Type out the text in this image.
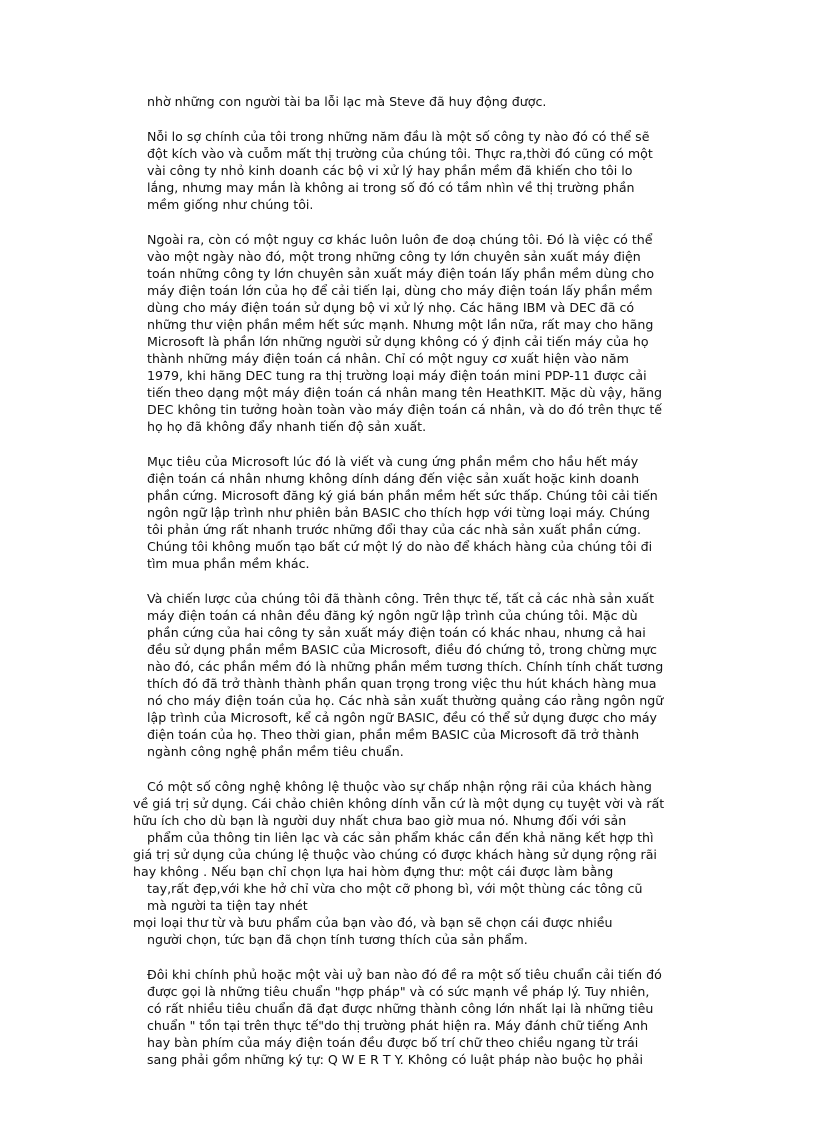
nhờ những con người tài ba lỗi lạc mà Steve đã huy động được.
Nỗi lo sợ chính của tôi trong những năm đầu là một số công ty nào đó có thể sẽ
đột kích vào và cuỗm mất thị trường của chúng tôi. Thực ra,thời đó cũng có một
vài công ty nhỏ kinh doanh các bộ vi xử lý hay phần mềm đã khiến cho tôi lo
lắng, nhưng may mắn là không ai trong số đó có tầm nhìn về thị trường phần
mềm giống như chúng tôi.
Ngoài ra, còn có một nguy cơ khác luôn luôn đe doạ chúng tôi. Đó là việc có thể
vào một ngày nào đó, một trong những công ty lớn chuyên sản xuất máy điện
toán những công ty lớn chuyên sản xuất máy điện toán lấy phần mềm dùng cho
máy điện toán lớn của họ để cải tiến lại, dùng cho máy điện toán lấy phần mềm
dùng cho máy điện toán sử dụng bộ vi xử lý nhọ. Các hãng IBM và DEC đã có
những thư viện phần mềm hết sức mạnh. Nhưng một lần nữa, rất may cho hãng
Microsoft là phần lớn những người sử dụng không có ý định cải tiến máy của họ
thành những máy điện toán cá nhân. Chỉ có một nguy cơ xuất hiện vào năm
1979, khi hãng DEC tung ra thị trường loại máy điện toán mini PDP-11 được cải
tiến theo dạng một máy điện toán cá nhân mang tên HeathKIT. Mặc dù vậy, hãng
DEC không tin tưởng hoàn toàn vào máy điện toán cá nhân, và do đó trên thực tế
họ họ đã không đẩy nhanh tiến độ sản xuất.
Mục tiêu của Microsoft lúc đó là viết và cung ứng phần mềm cho hầu hết máy
điện toán cá nhân nhưng không dính dáng đến việc sản xuất hoặc kinh doanh
phần cứng. Microsoft đăng ký giá bán phần mềm hết sức thấp. Chúng tôi cải tiến
ngôn ngữ lập trình như phiên bản BASIC cho thích hợp với từng loại máy. Chúng
tôi phản ứng rất nhanh trước những đổi thay của các nhà sản xuất phần cứng.
Chúng tôi không muốn tạo bất cứ một lý do nào để khách hàng của chúng tôi đi
tìm mua phần mềm khác.
Và chiến lược của chúng tôi đã thành công. Trên thực tế, tất cả các nhà sản xuất
máy điện toán cá nhân đều đăng ký ngôn ngữ lập trình của chúng tôi. Mặc dù
phần cứng của hai công ty sản xuất máy điện toán có khác nhau, nhưng cả hai
đều sử dụng phần mềm BASIC của Microsoft, điều đó chứng tỏ, trong chừng mực
nào đó, các phần mềm đó là những phần mềm tương thích. Chính tính chất tương
thích đó đã trở thành thành phần quan trọng trong việc thu hút khách hàng mua
nó cho máy điện toán của họ. Các nhà sản xuất thường quảng cáo rằng ngôn ngữ
lập trình của Microsoft, kể cả ngôn ngữ BASIC, đều có thể sử dụng được cho máy
điện toán của họ. Theo thời gian, phần mềm BASIC của Microsoft đã trở thành
ngành công nghệ phần mềm tiêu chuẩn.
Có một số công nghệ không lệ thuộc vào sự chấp nhận rộng rãi của khách hàng
về giá trị sử dụng. Cái chảo chiên không dính vẫn cứ là một dụng cụ tuyệt vời và rất
hữu ích cho dù bạn là người duy nhất chưa bao giờ mua nó. Nhưng đối với sản
phẩm của thông tin liên lạc và các sản phẩm khác cần đến khả năng kết hợp thì
giá trị sử dụng của chúng lệ thuộc vào chúng có được khách hàng sử dụng rộng rãi
hay không . Nếu bạn chỉ chọn lựa hai hòm đựng thư: một cái được làm bằng
tay,rất đẹp,với khe hở chỉ vừa cho một cỡ phong bì, với một thùng các tông cũ
mà người ta tiện tay nhét
mọi loại thư từ và bưu phẩm của bạn vào đó, và bạn sẽ chọn cái được nhiều
người chọn, tức bạn đã chọn tính tương thích của sản phẩm.
Đôi khi chính phủ hoặc một vài uỷ ban nào đó đề ra một số tiêu chuẩn cải tiến đó
được gọi là những tiêu chuẩn "hợp pháp" và có sức mạnh về pháp lý. Tuy nhiên,
có rất nhiều tiêu chuẩn đã đạt được những thành công lớn nhất lại là những tiêu
chuẩn " tồn tại trên thực tế"do thị trường phát hiện ra. Máy đánh chữ tiếng Anh
hay bàn phím của máy điện toán đều được bố trí chữ theo chiều ngang từ trái
sang phải gồm những ký tự: Q W E R T Y. Không có luật pháp nào buộc họ phải
